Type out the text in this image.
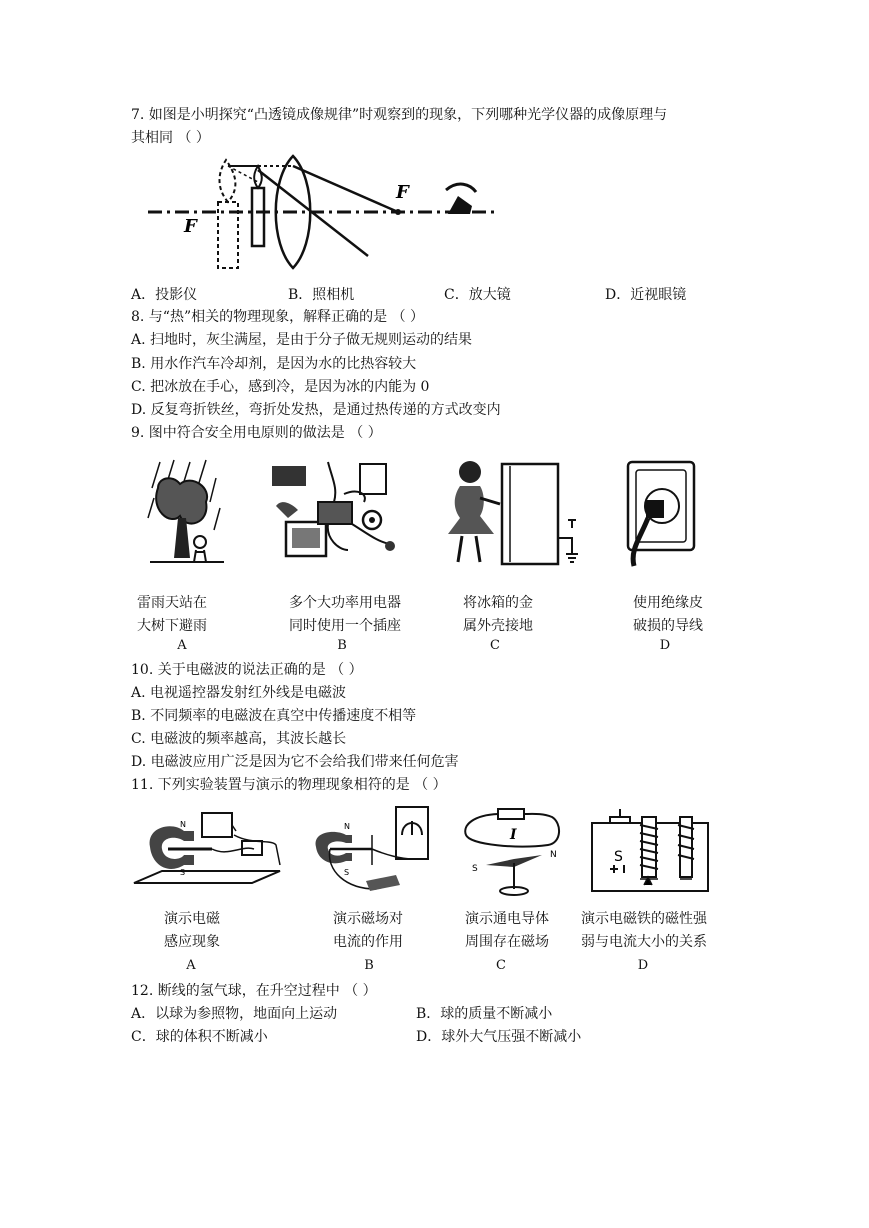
7. 如图是小明探究“凸透镜成像规律”时观察到的现象，下列哪种光学仪器的成像原理与
其相同 （ ）
F
F
A．投影仪	B．照相机	C．放大镜	D．近视眼镜
8. 与“热”相关的物理现象，解释正确的是 （ ）
A. 扫地时，灰尘满屋，是由于分子做无规则运动的结果
B. 用水作汽车冷却剂，是因为水的比热容较大
C. 把冰放在手心，感到冷，是因为冰的内能为 0
D. 反复弯折铁丝，弯折处发热，是通过热传递的方式改变内
9. 图中符合安全用电原则的做法是 （ ）
雷雨天站在
大树下避雨
A
多个大功率用电器
同时使用一个插座
B
将冰箱的金
属外壳接地
C
使用绝缘皮
破损的导线
D
10. 关于电磁波的说法正确的是 （ ）
A. 电视遥控器发射红外线是电磁波
B. 不同频率的电磁波在真空中传播速度不相等
C. 电磁波的频率越高，其波长越长
D. 电磁波应用广泛是因为它不会给我们带来任何危害
11. 下列实验装置与演示的物理现象相符的是 （ ）
N
S
N
S
I
S
N	S
演示电磁
感应现象
A
演示磁场对
电流的作用
B
演示通电导体
周围存在磁场
C
演示电磁铁的磁性强
弱与电流大小的关系
D
12. 断线的氢气球，在升空过程中 （ ）
A．以球为参照物，地面向上运动	B．球的质量不断减小
C．球的体积不断减小	D．球外大气压强不断减小
